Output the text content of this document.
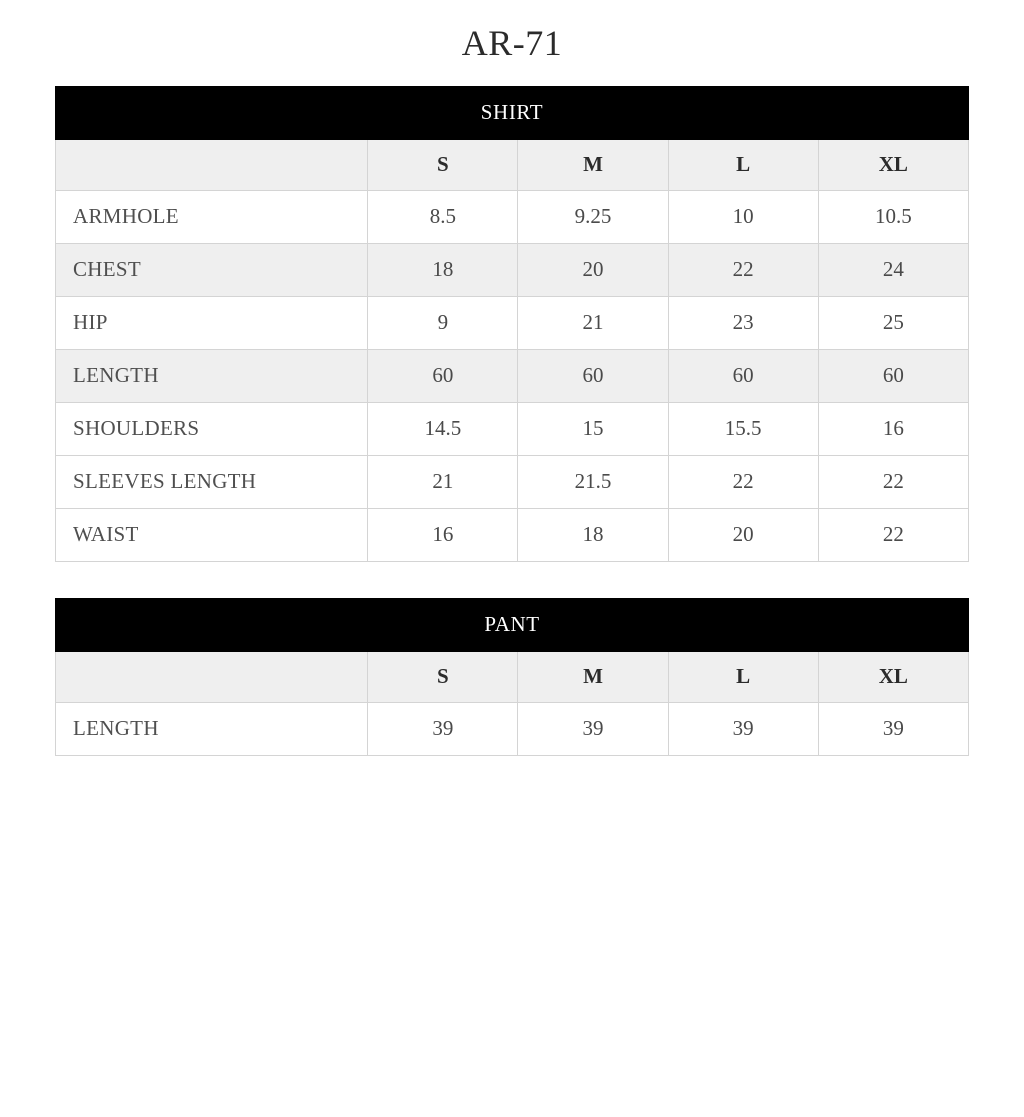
AR-71
SHIRT				
	S	M	L	XL
ARMHOLE	8.5	9.25	10	10.5
CHEST	18	20	22	24
HIP	9	21	23	25
LENGTH	60	60	60	60
SHOULDERS	14.5	15	15.5	16
SLEEVES LENGTH	21	21.5	22	22
WAIST	16	18	20	22
PANT				
	S	M	L	XL
LENGTH	39	39	39	39
